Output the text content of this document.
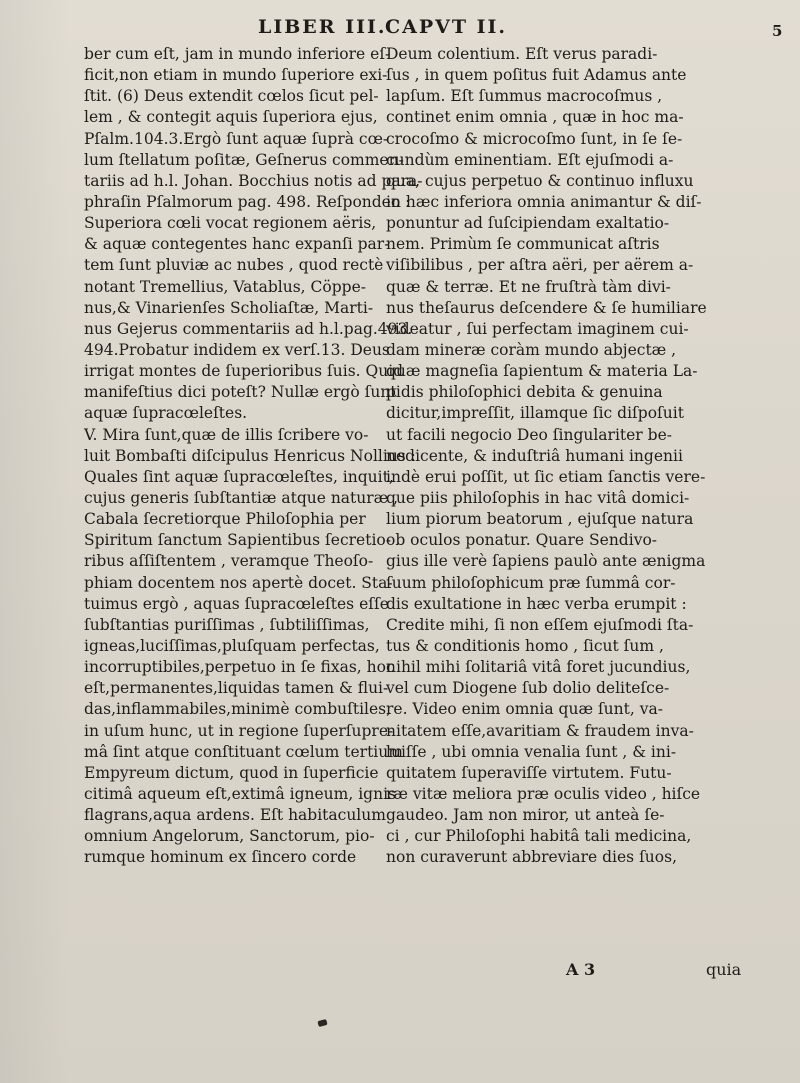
LIBER III.
CAPVT II.	5
ber cum eſt, jam in mundo inferiore eſ-
ficit,non etiam in mundo ſuperiore exi-
ſtit. (6) Deus extendit cœlos ſicut pel-
lem , & contegit aquis ſuperiora ejus,
Pſalm.104.3.Ergò ſunt aquæ ſuprà cœ-
lum ſtellatum poſitæ, Geſnerus commen-
tariis ad h.l. Johan. Bocchius notis ad para-
phraſin Pſalmorum pag. 498. Reſpondeo :
Superiora cœli vocat regionem aëris,
& aquæ contegentes hanc expanſi par-
tem ſunt pluviæ ac nubes , quod rectè
notant Tremellius, Vatablus, Cöppe-
nus,& Vinarienſes Scholiaſtæ, Marti-
nus Gejerus commentariis ad h.l.pag.493.
494.Probatur indidem ex verſ.13. Deus
irrigat montes de ſuperioribus ſuis. Quid
manifeſtius dici poteſt? Nullæ ergò ſunt
aquæ ſupracœleſtes.
V. Mira ſunt,quæ de illis ſcribere vo-
luit Bombaſti diſcipulus Henricus Nollius :
Quales ſint aquæ ſupracœleſtes, inquit,
cujus generis ſubſtantiæ atque naturæ ,
Cabala ſecretiorque Philoſophia per
Spiritum ſanctum Sapientibus ſecretio-
ribus aſſiſtentem , veramque Theoſo-
phiam docentem nos apertè docet. Sta-
tuimus ergò , aquas ſupracœleſtes eſſe
ſubſtantias puriſſimas , ſubtiliſſimas,
igneas,luciſſimas,pluſquam perfectas,
incorruptibiles,perpetuo in ſe fixas, hoc
eſt,permanentes,liquidas tamen & flui-
das,inflammabiles,minimè combuſtiles,
in uſum hunc, ut in regione ſuperſupre-
mâ ſint atque conſtituant cœlum tertium
Empyreum dictum, quod in ſuperficie
citimâ aqueum eſt,extimâ igneum, ignis
flagrans,aqua ardens. Eſt habitaculum
omnium Angelorum, Sanctorum, pio-
rumque hominum ex ſincero corde
Deum colentium. Eſt verus paradi-
ſus , in quem poſitus fuit Adamus ante
lapſum. Eſt ſummus macrocoſmus ,
continet enim omnia , quæ in hoc ma-
crocoſmo & microcoſmo ſunt, in ſe ſe-
cundùm eminentiam. Eſt ejuſmodi a-
qua, cujus perpetuo & continuo influxu
in hæc inferiora omnia animantur & diſ-
ponuntur ad ſuſcipiendam exaltatio-
nem. Primùm ſe communicat aſtris
viſibilibus , per aſtra aëri, per aërem a-
quæ & terræ. Et ne fruſtrà tàm divi-
nus theſaurus deſcendere & ſe humiliare
videatur , ſui perfectam imaginem cui-
dam mineræ coràm mundo abjectæ ,
quæ magneſia ſapientum & materia La-
pidis philoſophici debita & genuina
dicitur,impreſſit, illamque ſic diſpoſuit
ut facili negocio Deo ſingulariter be-
nedicente, & induſtriâ humani ingenii
indè erui poſſit, ut ſic etiam ſanctis vere-
que piis philoſophis in hac vitâ domici-
lium piorum beatorum , ejuſque natura
ob oculos ponatur. Quare Sendivo-
gius ille verè ſapiens paulò ante ænigma
ſuum philoſophicum præ ſummâ cor-
dis exultatione in hæc verba erumpit :
Credite mihi, ſi non eſſem ejuſmodi ſta-
tus & conditionis homo , ſicut ſum ,
nihil mihi ſolitariâ vitâ foret jucundius,
vel cum Diogene ſub dolio deliteſce-
re. Video enim omnia quæ ſunt, va-
nitatem eſſe,avaritiam & fraudem inva-
luiſſe , ubi omnia venalia ſunt , & ini-
quitatem ſuperaviſſe virtutem. Futu-
ræ vitæ meliora præ oculis video , hiſce
gaudeo. Jam non miror, ut anteà ſe-
ci , cur Philoſophi habitâ tali medicina,
non curaverunt abbreviare dies ſuos,
A 3	quia
